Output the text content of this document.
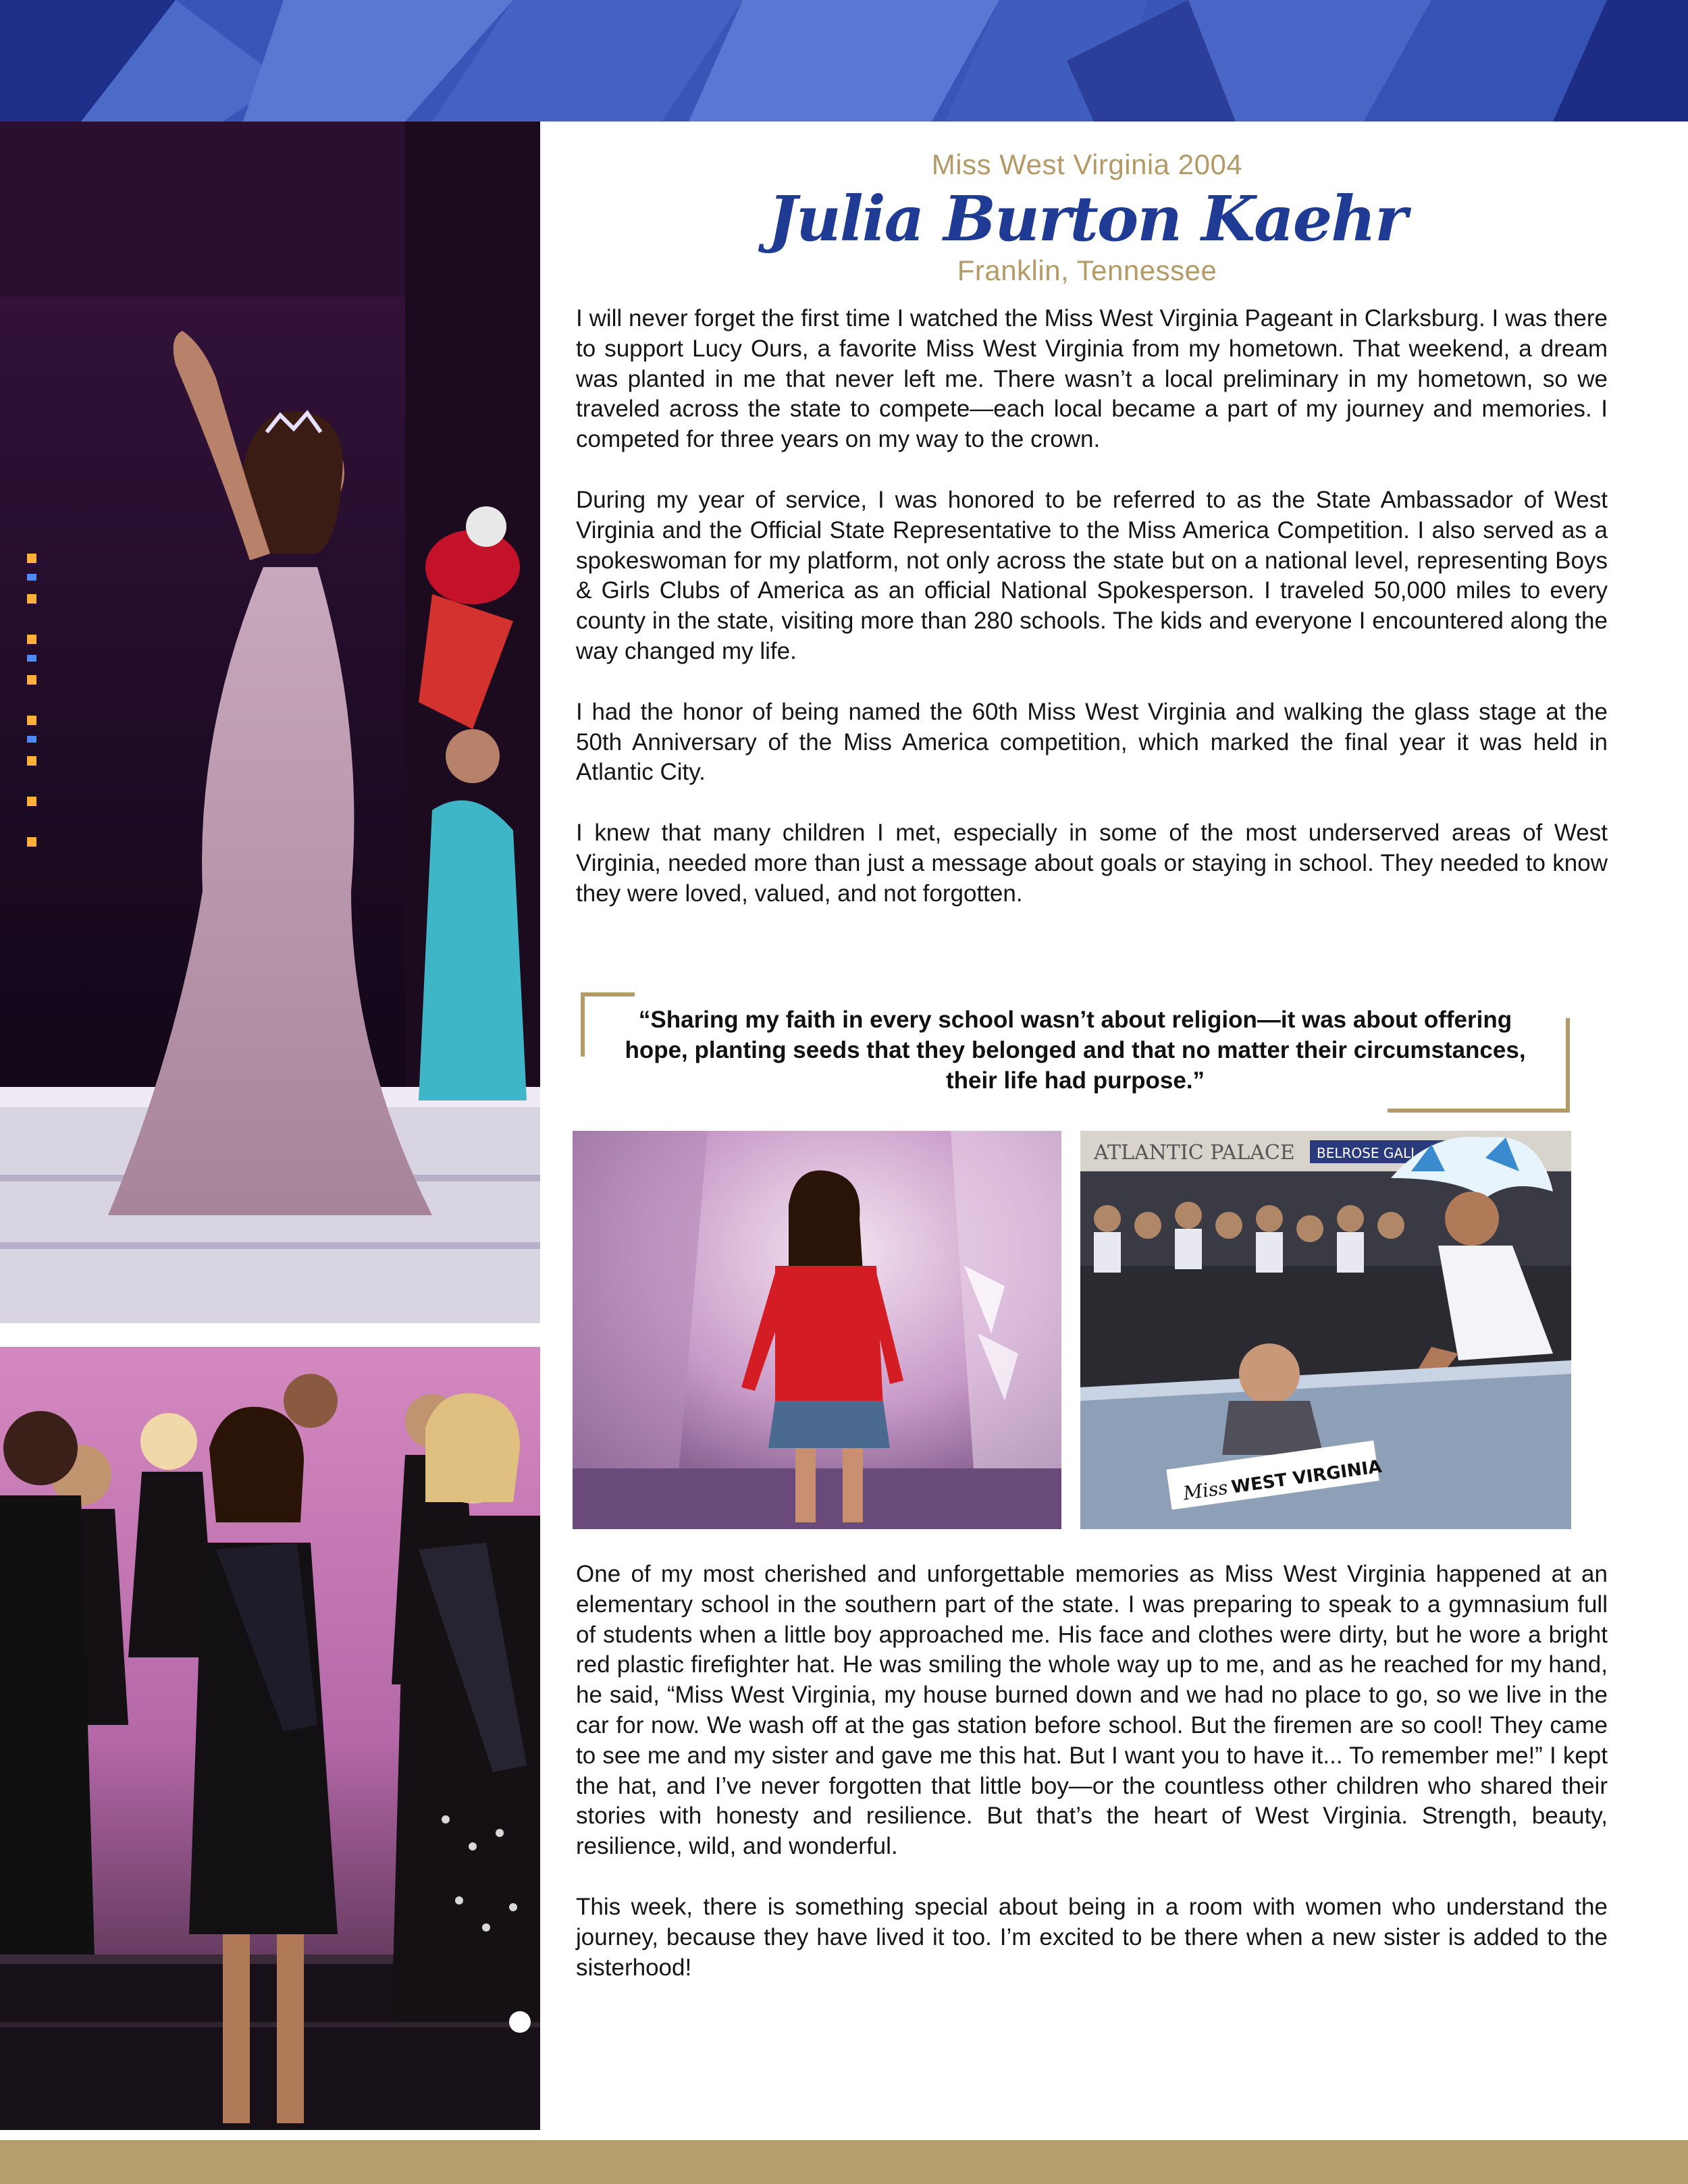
Miss West Virginia 2004
Julia Burton Kaehr
Franklin, Tennessee

I will never forget the first time I watched the Miss West Virginia Pageant in Clarksburg. I was there to support Lucy Ours, a favorite Miss West Virginia from my hometown. That weekend, a dream was planted in me that never left me. There wasn’t a local preliminary in my hometown, so we traveled across the state to compete—each local became a part of my journey and memories. I competed for three years on my way to the crown.

During my year of service, I was honored to be referred to as the State Ambassador of West Virginia and the Official State Representative to the Miss America Competition. I also served as a spokeswoman for my platform, not only across the state but on a national level, representing Boys & Girls Clubs of America as an official National Spokesperson. I traveled 50,000 miles to every county in the state, visiting more than 280 schools. The kids and everyone I encountered along the way changed my life.

I had the honor of being named the 60th Miss West Virginia and walking the glass stage at the 50th Anniversary of the Miss America competition, which marked the final year it was held in Atlantic City.

I knew that many children I met, especially in some of the most underserved areas of West Virginia, needed more than just a message about goals or staying in school. They needed to know they were loved, valued, and not forgotten.

“Sharing my faith in every school wasn’t about religion—it was about offering hope, planting seeds that they belonged and that no matter their circumstances, their life had purpose.”
ATLANTIC PALACE BELROSE GALL
Miss WEST VIRGINIA

One of my most cherished and unforgettable memories as Miss West Virginia happened at an elementary school in the southern part of the state. I was preparing to speak to a gymnasium full of students when a little boy approached me. His face and clothes were dirty, but he wore a bright red plastic firefighter hat. He was smiling the whole way up to me, and as he reached for my hand, he said, “Miss West Virginia, my house burned down and we had no place to go, so we live in the car for now. We wash off at the gas station before school. But the firemen are so cool! They came to see me and my sister and gave me this hat. But I want you to have it... To remember me!” I kept the hat, and I’ve never forgotten that little boy—or the countless other children who shared their stories with honesty and resilience. But that’s the heart of West Virginia. Strength, beauty, resilience, wild, and wonderful.

This week, there is something special about being in a room with women who understand the journey, because they have lived it too. I’m excited to be there when a new sister is added to the sisterhood!
